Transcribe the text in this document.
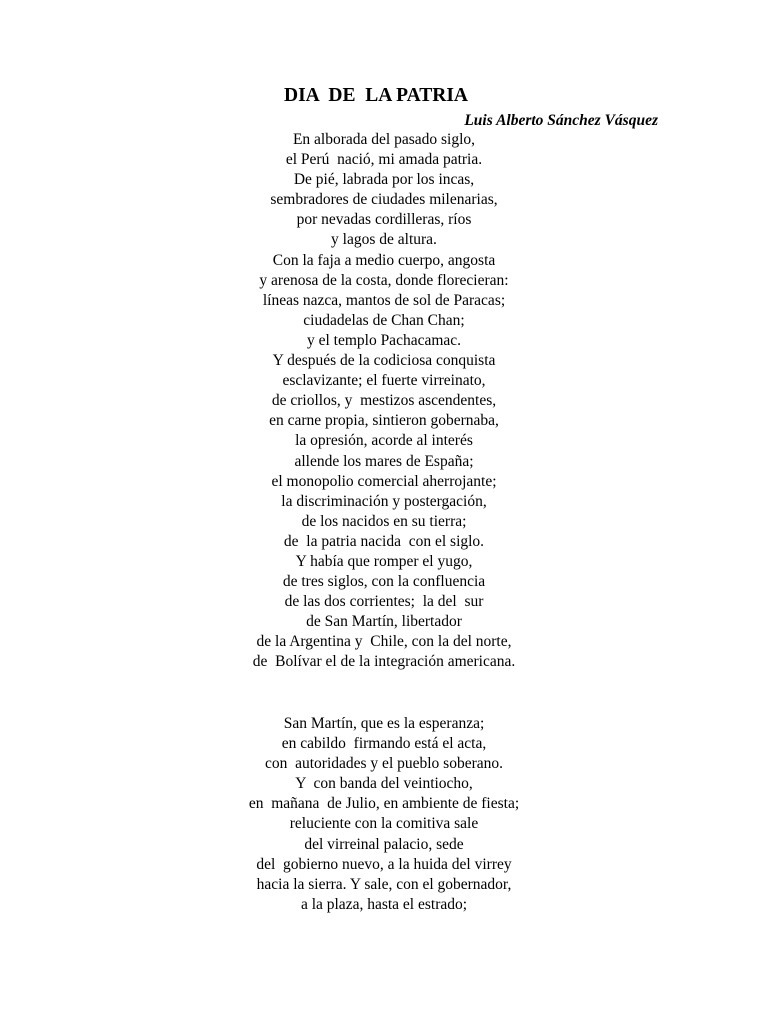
DIA  DE  LA PATRIA

Luis Alberto Sánchez Vásquez

En alborada del pasado siglo,
el Perú  nació, mi amada patria.
De pié, labrada por los incas,
sembradores de ciudades milenarias,
por nevadas cordilleras, ríos
y lagos de altura.
Con la faja a medio cuerpo, angosta
y arenosa de la costa, donde florecieran:
líneas nazca, mantos de sol de Paracas;
ciudadelas de Chan Chan;
y el templo Pachacamac.
Y después de la codiciosa conquista
esclavizante; el fuerte virreinato,
de criollos, y  mestizos ascendentes,
en carne propia, sintieron gobernaba,
la opresión, acorde al interés
allende los mares de España;
el monopolio comercial aherrojante;
la discriminación y postergación,
de los nacidos en su tierra;
de  la patria nacida  con el siglo.
Y había que romper el yugo,
de tres siglos, con la confluencia
de las dos corrientes;  la del  sur
de San Martín, libertador
de la Argentina y  Chile, con la del norte,
de  Bolívar el de la integración americana.
San Martín, que es la esperanza;
en cabildo  firmando está el acta,
con  autoridades y el pueblo soberano.
Y  con banda del veintiocho,
en  mañana  de Julio, en ambiente de fiesta;
reluciente con la comitiva sale
del virreinal palacio, sede
del  gobierno nuevo, a la huida del virrey
hacia la sierra. Y sale, con el gobernador,
a la plaza, hasta el estrado;
